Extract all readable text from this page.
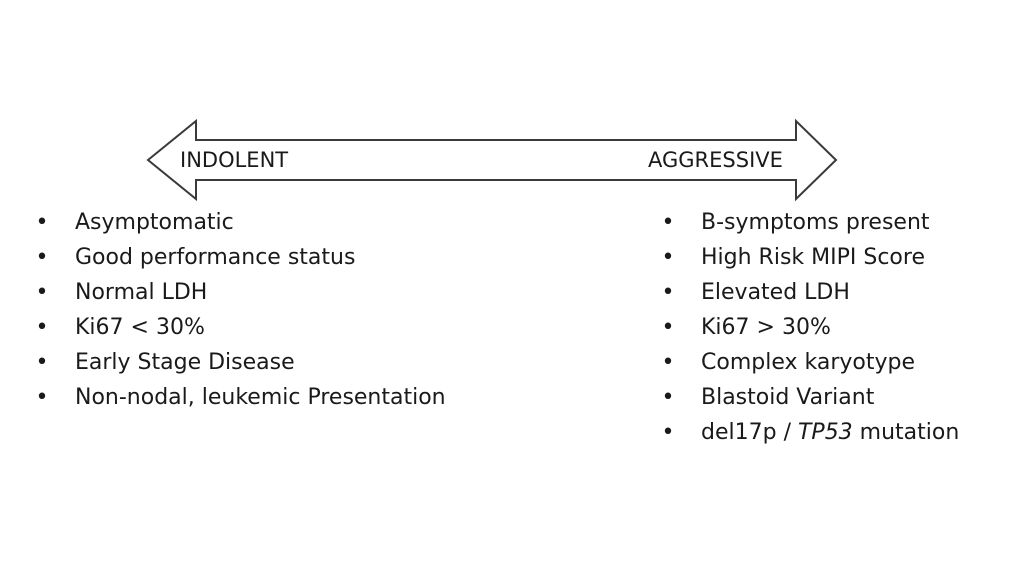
INDOLENT	AGGRESSIVE
• Asymptomatic
• Good performance status
• Normal LDH
• Ki67 < 30%
• Early Stage Disease
• Non-nodal, leukemic Presentation
• B-symptoms present
• High Risk MIPI Score
• Elevated LDH
• Ki67 > 30%
• Complex karyotype
• Blastoid Variant
• del17p / TP53 mutation
